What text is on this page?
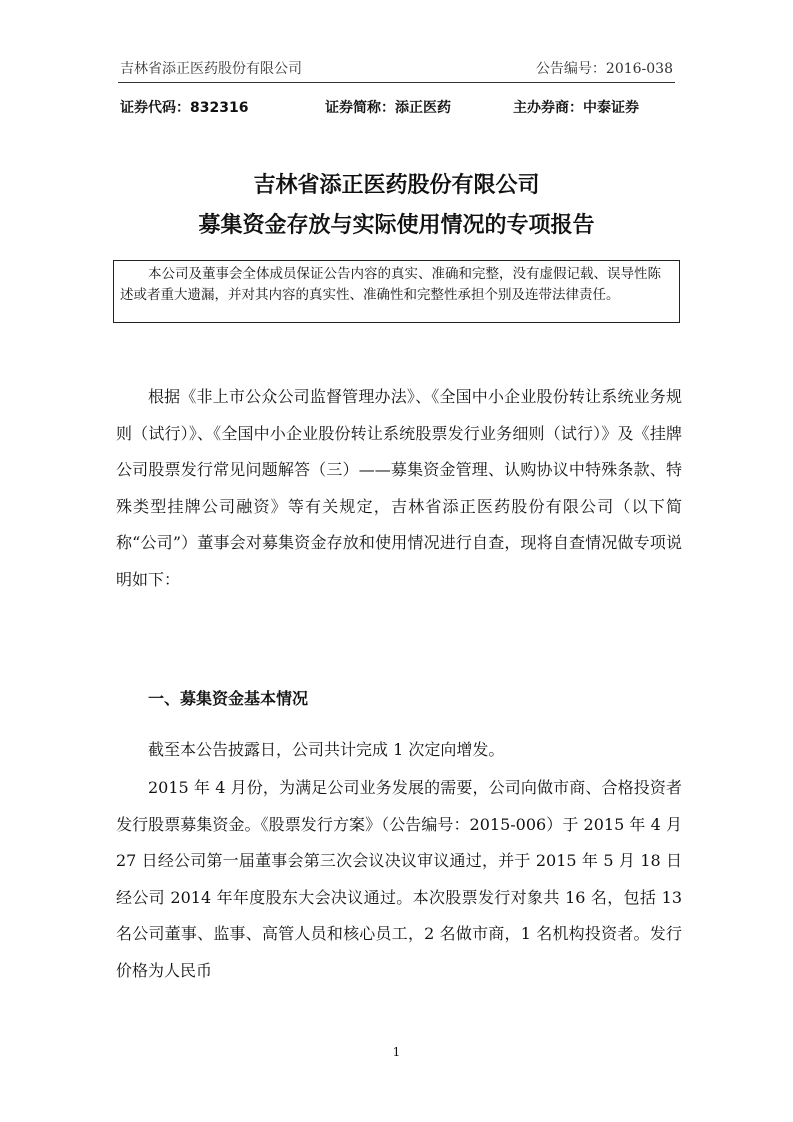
吉林省添正医药股份有限公司	公告编号：2016-038
证券代码：832316	证券简称：添正医药	主办券商：中泰证券
吉林省添正医药股份有限公司
募集资金存放与实际使用情况的专项报告
本公司及董事会全体成员保证公告内容的真实、准确和完整，没有虚假记载、误导性陈述或者重大遗漏，并对其内容的真实性、准确性和完整性承担个别及连带法律责任。

根据《非上市公众公司监督管理办法》、《全国中小企业股份转让系统业务规则（试行）》、《全国中小企业股份转让系统股票发行业务细则（试行）》及《挂牌公司股票发行常见问题解答（三）——募集资金管理、认购协议中特殊条款、特殊类型挂牌公司融资》等有关规定，吉林省添正医药股份有限公司（以下简称“公司”）董事会对募集资金存放和使用情况进行自查，现将自查情况做专项说明如下：

一、募集资金基本情况

截至本公告披露日，公司共计完成 1 次定向增发。

2015 年 4 月份，为满足公司业务发展的需要，公司向做市商、合格投资者发行股票募集资金。《股票发行方案》（公告编号：2015-006）于 2015 年 4 月 27 日经公司第一届董事会第三次会议决议审议通过，并于 2015 年 5 月 18 日经公司 2014 年年度股东大会决议通过。本次股票发行对象共 16 名，包括 13 名公司董事、监事、高管人员和核心员工，2 名做市商，1 名机构投资者。发行价格为人民币

1
